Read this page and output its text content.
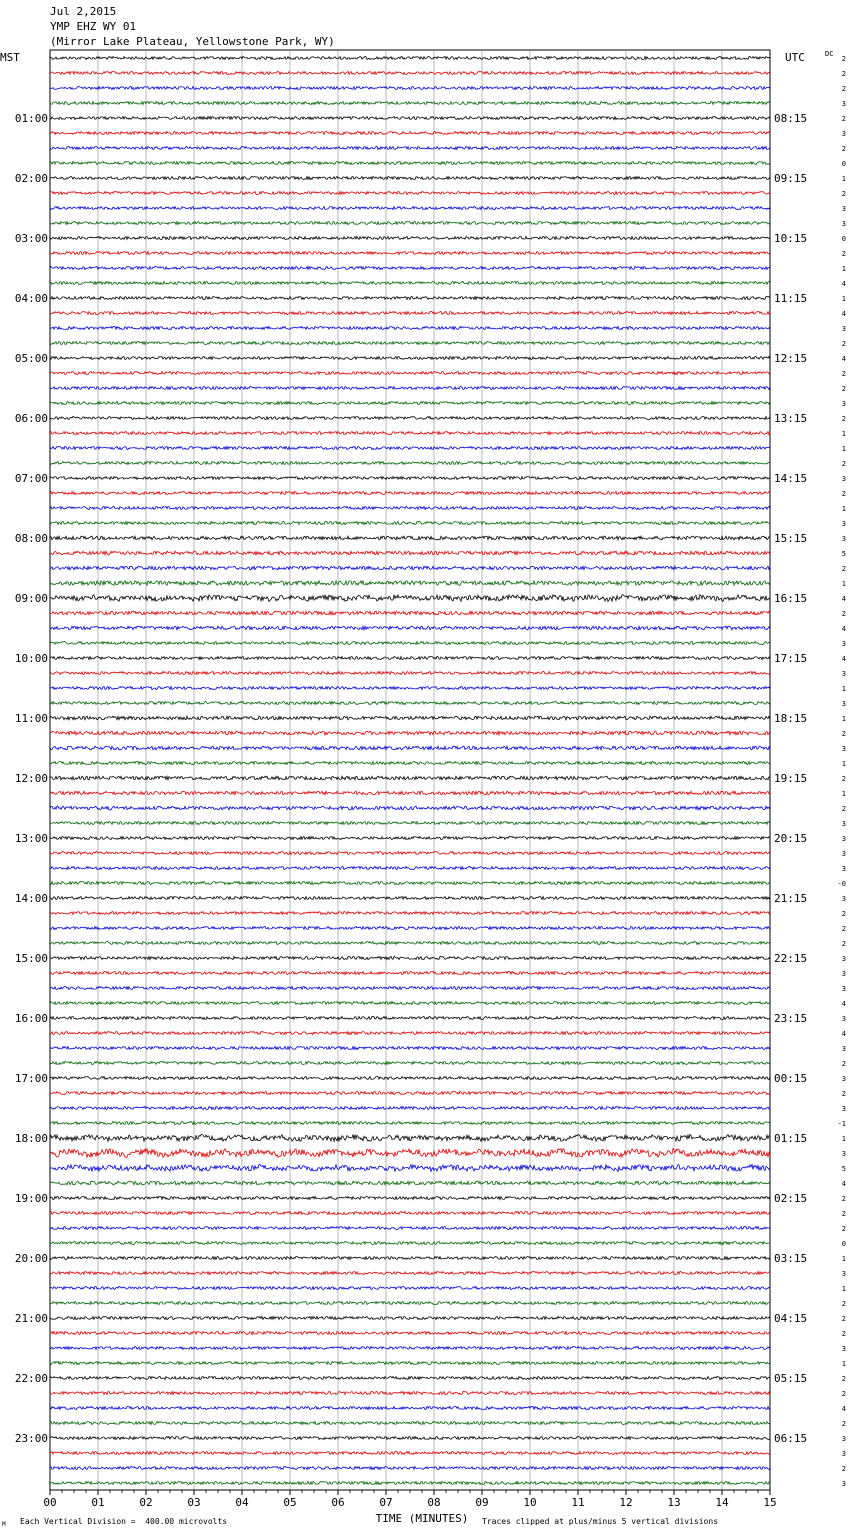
Jul 2,2015
YMP EHZ WY 01
(Mirror Lake Plateau, Yellowstone Park, WY)
01:00
02:00
03:00
04:00
05:00
06:00
07:00
08:00
09:00
10:00
11:00
12:00
13:00
14:00
15:00
16:00
17:00
18:00
19:00
20:00
21:00
22:00
23:00
08:15
09:15
10:15
11:15
12:15
13:15
14:15
15:15
16:15
17:15
18:15
19:15
20:15
21:15
22:15
23:15
00:15
01:15
02:15
03:15
04:15
05:15
06:15
2
2
2
3
2
3
2
0
1
2
3
3
0
2
1
4
1
4
3
2
4
2
2
3
2
1
1
2
3
2
1
3
3
5
2
1
4
2
4
3
4
3
1
3
1
2
3
1
2
1
2
3
3
3
3
-0
3
2
2
2
3
3
3
4
3
4
3
2
3
2
3
-1
1
3
5
4
2
2
2
0
1
3
1
2
2
2
3
1
2
2
4
2
3
3
2
3
00	01	02	03	04	05	06	07	08	09	10	11	12	13	14	15
MST	UTC	DC
TIME (MINUTES)
Each Vertical Division =  400.00 microvolts	Traces clipped at plus/minus 5 vertical divisions
M
